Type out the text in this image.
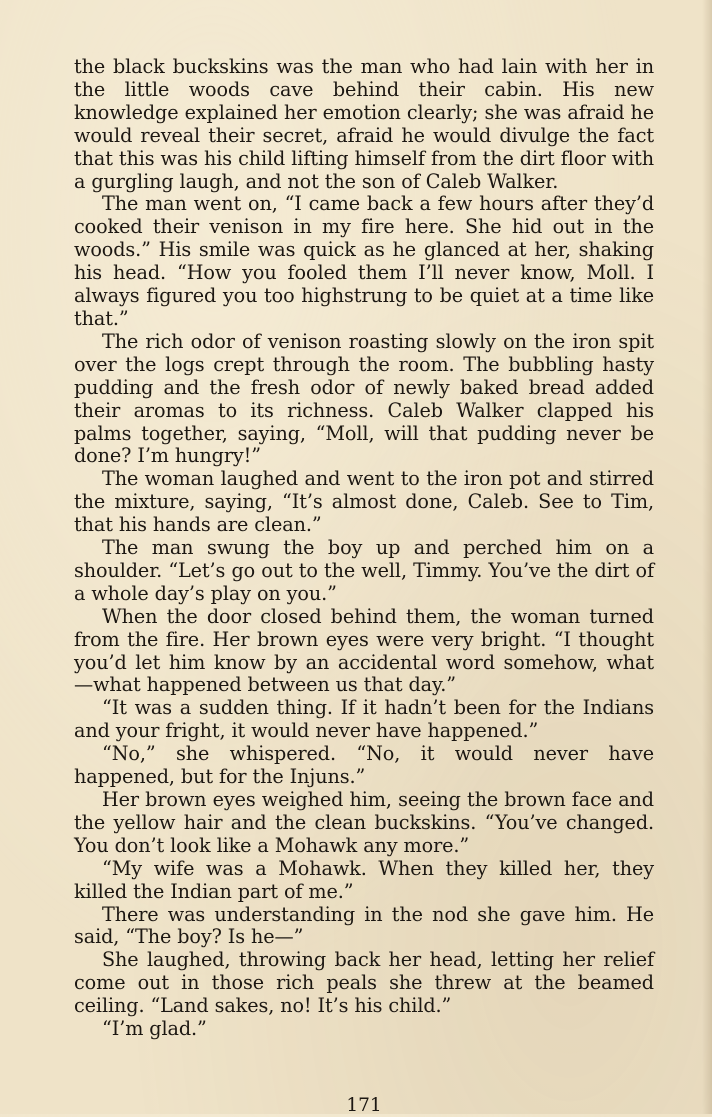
the black buckskins was the man who had lain with her in the little woods cave behind their cabin. His new knowledge explained her emotion clearly; she was afraid he would reveal their secret, afraid he would divulge the fact that this was his child lifting himself from the dirt floor with a gurgling laugh, and not the son of Caleb Walker.

The man went on, “I came back a few hours after they’d cooked their venison in my fire here. She hid out in the woods.” His smile was quick as he glanced at her, shaking his head. “How you fooled them I’ll never know, Moll. I always figured you too highstrung to be quiet at a time like that.”

The rich odor of venison roasting slowly on the iron spit over the logs crept through the room. The bubbling hasty pudding and the fresh odor of newly baked bread added their aromas to its richness. Caleb Walker clapped his palms together, saying, “Moll, will that pudding never be done? I’m hungry!”

The woman laughed and went to the iron pot and stirred the mixture, saying, “It’s almost done, Caleb. See to Tim, that his hands are clean.”

The man swung the boy up and perched him on a shoulder. “Let’s go out to the well, Timmy. You’ve the dirt of a whole day’s play on you.”

When the door closed behind them, the woman turned from the fire. Her brown eyes were very bright. “I thought you’d let him know by an accidental word somehow, what —what happened between us that day.”

“It was a sudden thing. If it hadn’t been for the Indians and your fright, it would never have happened.”

“No,” she whispered. “No, it would never have happened, but for the Injuns.”

Her brown eyes weighed him, seeing the brown face and the yellow hair and the clean buckskins. “You’ve changed. You don’t look like a Mohawk any more.”

“My wife was a Mohawk. When they killed her, they killed the Indian part of me.”

There was understanding in the nod she gave him. He said, “The boy? Is he—”

She laughed, throwing back her head, letting her relief come out in those rich peals she threw at the beamed ceiling. “Land sakes, no! It’s his child.”

“I’m glad.”

171
